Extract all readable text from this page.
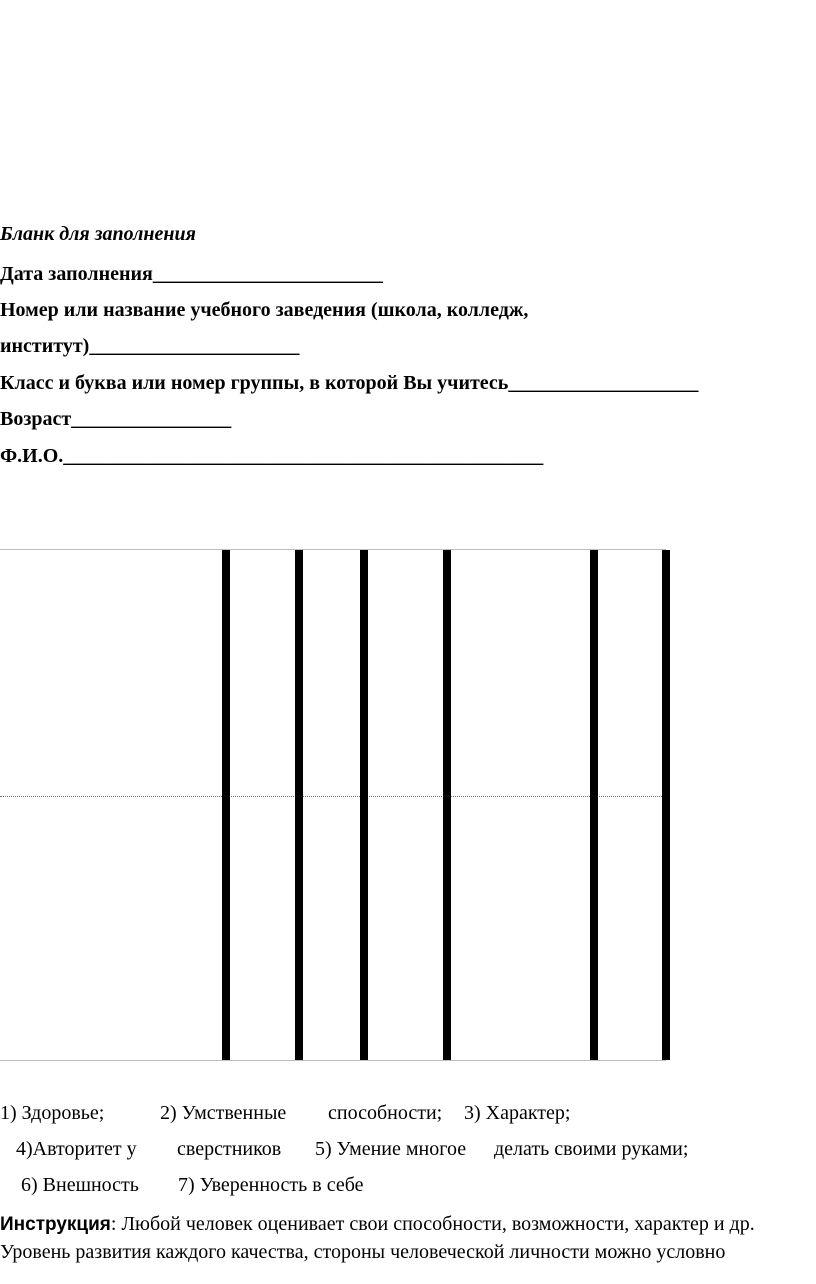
Бланк для заполнения
Дата заполнения_______________________
Номер или название учебного заведения (школа, колледж,
институт)_____________________
Класс и буква или номер группы, в которой Вы учитесь___________________
Возраст________________
Ф.И.О.________________________________________________
1) Здоровье;	2) Умственные способности; 3) Характер;
4)Авторитет у сверстников 5) Умение многое делать своими руками;
6) Внешность 7) Уверенность в себе
Инструкция: Любой человек оценивает свои способности, возможности, характер и др.
Уровень развития каждого качества, стороны человеческой личности можно условно
